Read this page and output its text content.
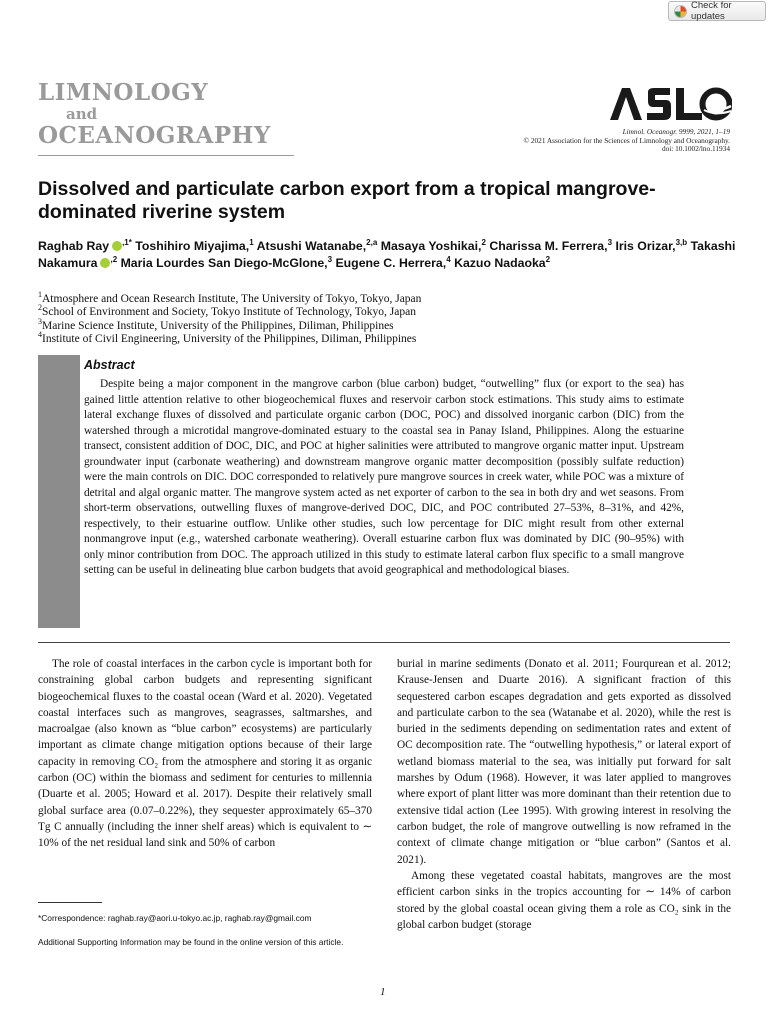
Check for updates
LIMNOLOGY
and
OCEANOGRAPHY	Limnol. Oceanogr. 9999, 2021, 1–19
© 2021 Association for the Sciences of Limnology and Oceanography.
doi: 10.1002/lno.11934
Dissolved and particulate carbon export from a tropical mangrove-dominated riverine system
Raghab Ray $^{,1*}$ Toshihiro Miyajima,$^1$ Atsushi Watanabe,$^{2,a}$ Masaya Yoshikai,$^2$ Charissa M. Ferrera,$^3$ Iris Orizar,$^{3,b}$ Takashi Nakamura $^{,2}$ Maria Lourdes San Diego-McGlone,$^3$ Eugene C. Herrera,$^4$ Kazuo Nadaoka$^2$
$^1$Atmosphere and Ocean Research Institute, The University of Tokyo, Tokyo, Japan
$^2$School of Environment and Society, Tokyo Institute of Technology, Tokyo, Japan
$^3$Marine Science Institute, University of the Philippines, Diliman, Philippines
$^4$Institute of Civil Engineering, University of the Philippines, Diliman, Philippines
Abstract
Despite being a major component in the mangrove carbon (blue carbon) budget, “outwelling” flux (or export to the sea) has gained little attention relative to other biogeochemical fluxes and reservoir carbon stock estimations. This study aims to estimate lateral exchange fluxes of dissolved and particulate organic carbon (DOC, POC) and dissolved inorganic carbon (DIC) from the watershed through a microtidal mangrove-dominated estuary to the coastal sea in Panay Island, Philippines. Along the estuarine transect, consistent addition of DOC, DIC, and POC at higher salinities were attributed to mangrove organic matter input. Upstream groundwater input (carbonate weathering) and downstream mangrove organic matter decomposition (possibly sulfate reduction) were the main controls on DIC. DOC corresponded to relatively pure mangrove sources in creek water, while POC was a mixture of detrital and algal organic matter. The mangrove system acted as net exporter of carbon to the sea in both dry and wet seasons. From short-term observations, outwelling fluxes of mangrove-derived DOC, DIC, and POC contributed 27–53%, 8–31%, and 42%, respectively, to their estuarine outflow. Unlike other studies, such low percentage for DIC might result from other external nonmangrove input (e.g., watershed carbonate weathering). Overall estuarine carbon flux was dominated by DIC (90–95%) with only minor contribution from DOC. The approach utilized in this study to estimate lateral carbon flux specific to a small mangrove setting can be useful in delineating blue carbon budgets that avoid geographical and methodological biases.
The role of coastal interfaces in the carbon cycle is important both for constraining global carbon budgets and representing significant biogeochemical fluxes to the coastal ocean (Ward et al. 2020). Vegetated coastal interfaces such as mangroves, seagrasses, saltmarshes, and macroalgae (also known as “blue carbon” ecosystems) are particularly important as climate change mitigation options because of their large capacity in removing CO₂ from the atmosphere and storing it as organic carbon (OC) within the biomass and sediment for centuries to millennia (Duarte et al. 2005; Howard et al. 2017). Despite their relatively small global surface area (0.07–0.22%), they sequester approximately 65–370 Tg C annually (including the inner shelf areas) which is equivalent to ∼ 10% of the net residual land sink and 50% of carbon
burial in marine sediments (Donato et al. 2011; Fourqurean et al. 2012; Krause-Jensen and Duarte 2016). A significant fraction of this sequestered carbon escapes degradation and gets exported as dissolved and particulate carbon to the sea (Watanabe et al. 2020), while the rest is buried in the sediments depending on sedimentation rates and extent of OC decomposition rate. The “outwelling hypothesis,” or lateral export of wetland biomass material to the sea, was initially put forward for salt marshes by Odum (1968). However, it was later applied to mangroves where export of plant litter was more dominant than their retention due to extensive tidal action (Lee 1995). With growing interest in resolving the carbon budget, the role of mangrove outwelling is now reframed in the context of climate change mitigation or “blue carbon” (Santos et al. 2021).
Among these vegetated coastal habitats, mangroves are the most efficient carbon sinks in the tropics accounting for ∼ 14% of carbon stored by the global coastal ocean giving them a role as CO₂ sink in the global carbon budget (storage
*Correspondence: raghab.ray@aori.u-tokyo.ac.jp, raghab.ray@gmail.com
Additional Supporting Information may be found in the online version of this article.
1
